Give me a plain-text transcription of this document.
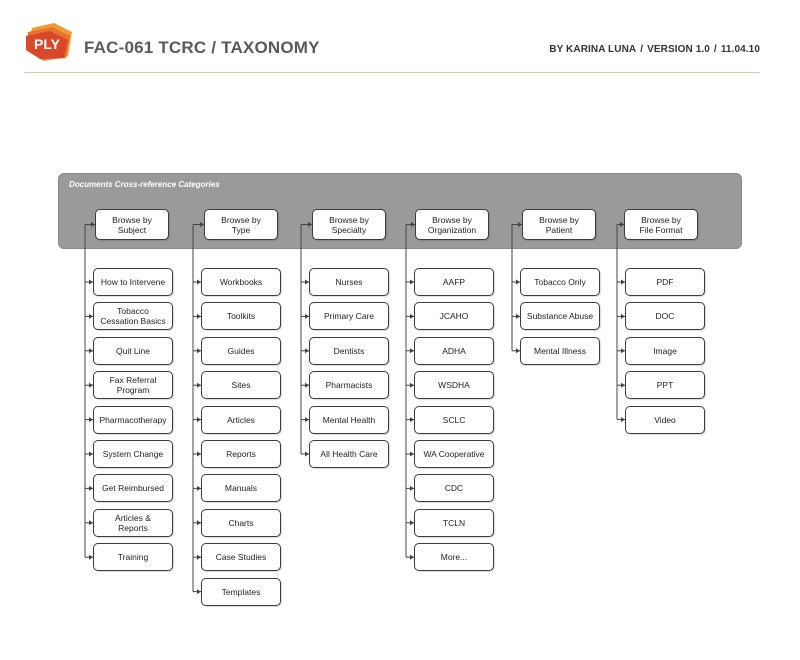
PLY FAC-061 TCRC / TAXONOMY	BY KARINA LUNA / VERSION 1.0 / 11.04.10
Documents Cross-reference Categories
Browse by
Subject
How to Intervene
Tobacco
Cessation Basics
Quit Line
Fax Referral
Program
Pharmacotherapy
System Change
Get Reimbursed
Articles &
Reports
Training
Browse by
Type
Workbooks
Toolkits
Guides
Sites
Articles
Reports
Manuals
Charts
Case Studies
Templates
Browse by
Specialty
Nurses
Primary Care
Dentists
Pharmacists
Mental Health
All Health Care
Browse by
Organization
AAFP
JCAHO
ADHA
WSDHA
SCLC
WA Cooperative
CDC
TCLN
More...
Browse by
Patient
Tobacco Only
Substance Abuse
Mental Illness
Browse by
File Format
PDF
DOC
Image
PPT
Video
